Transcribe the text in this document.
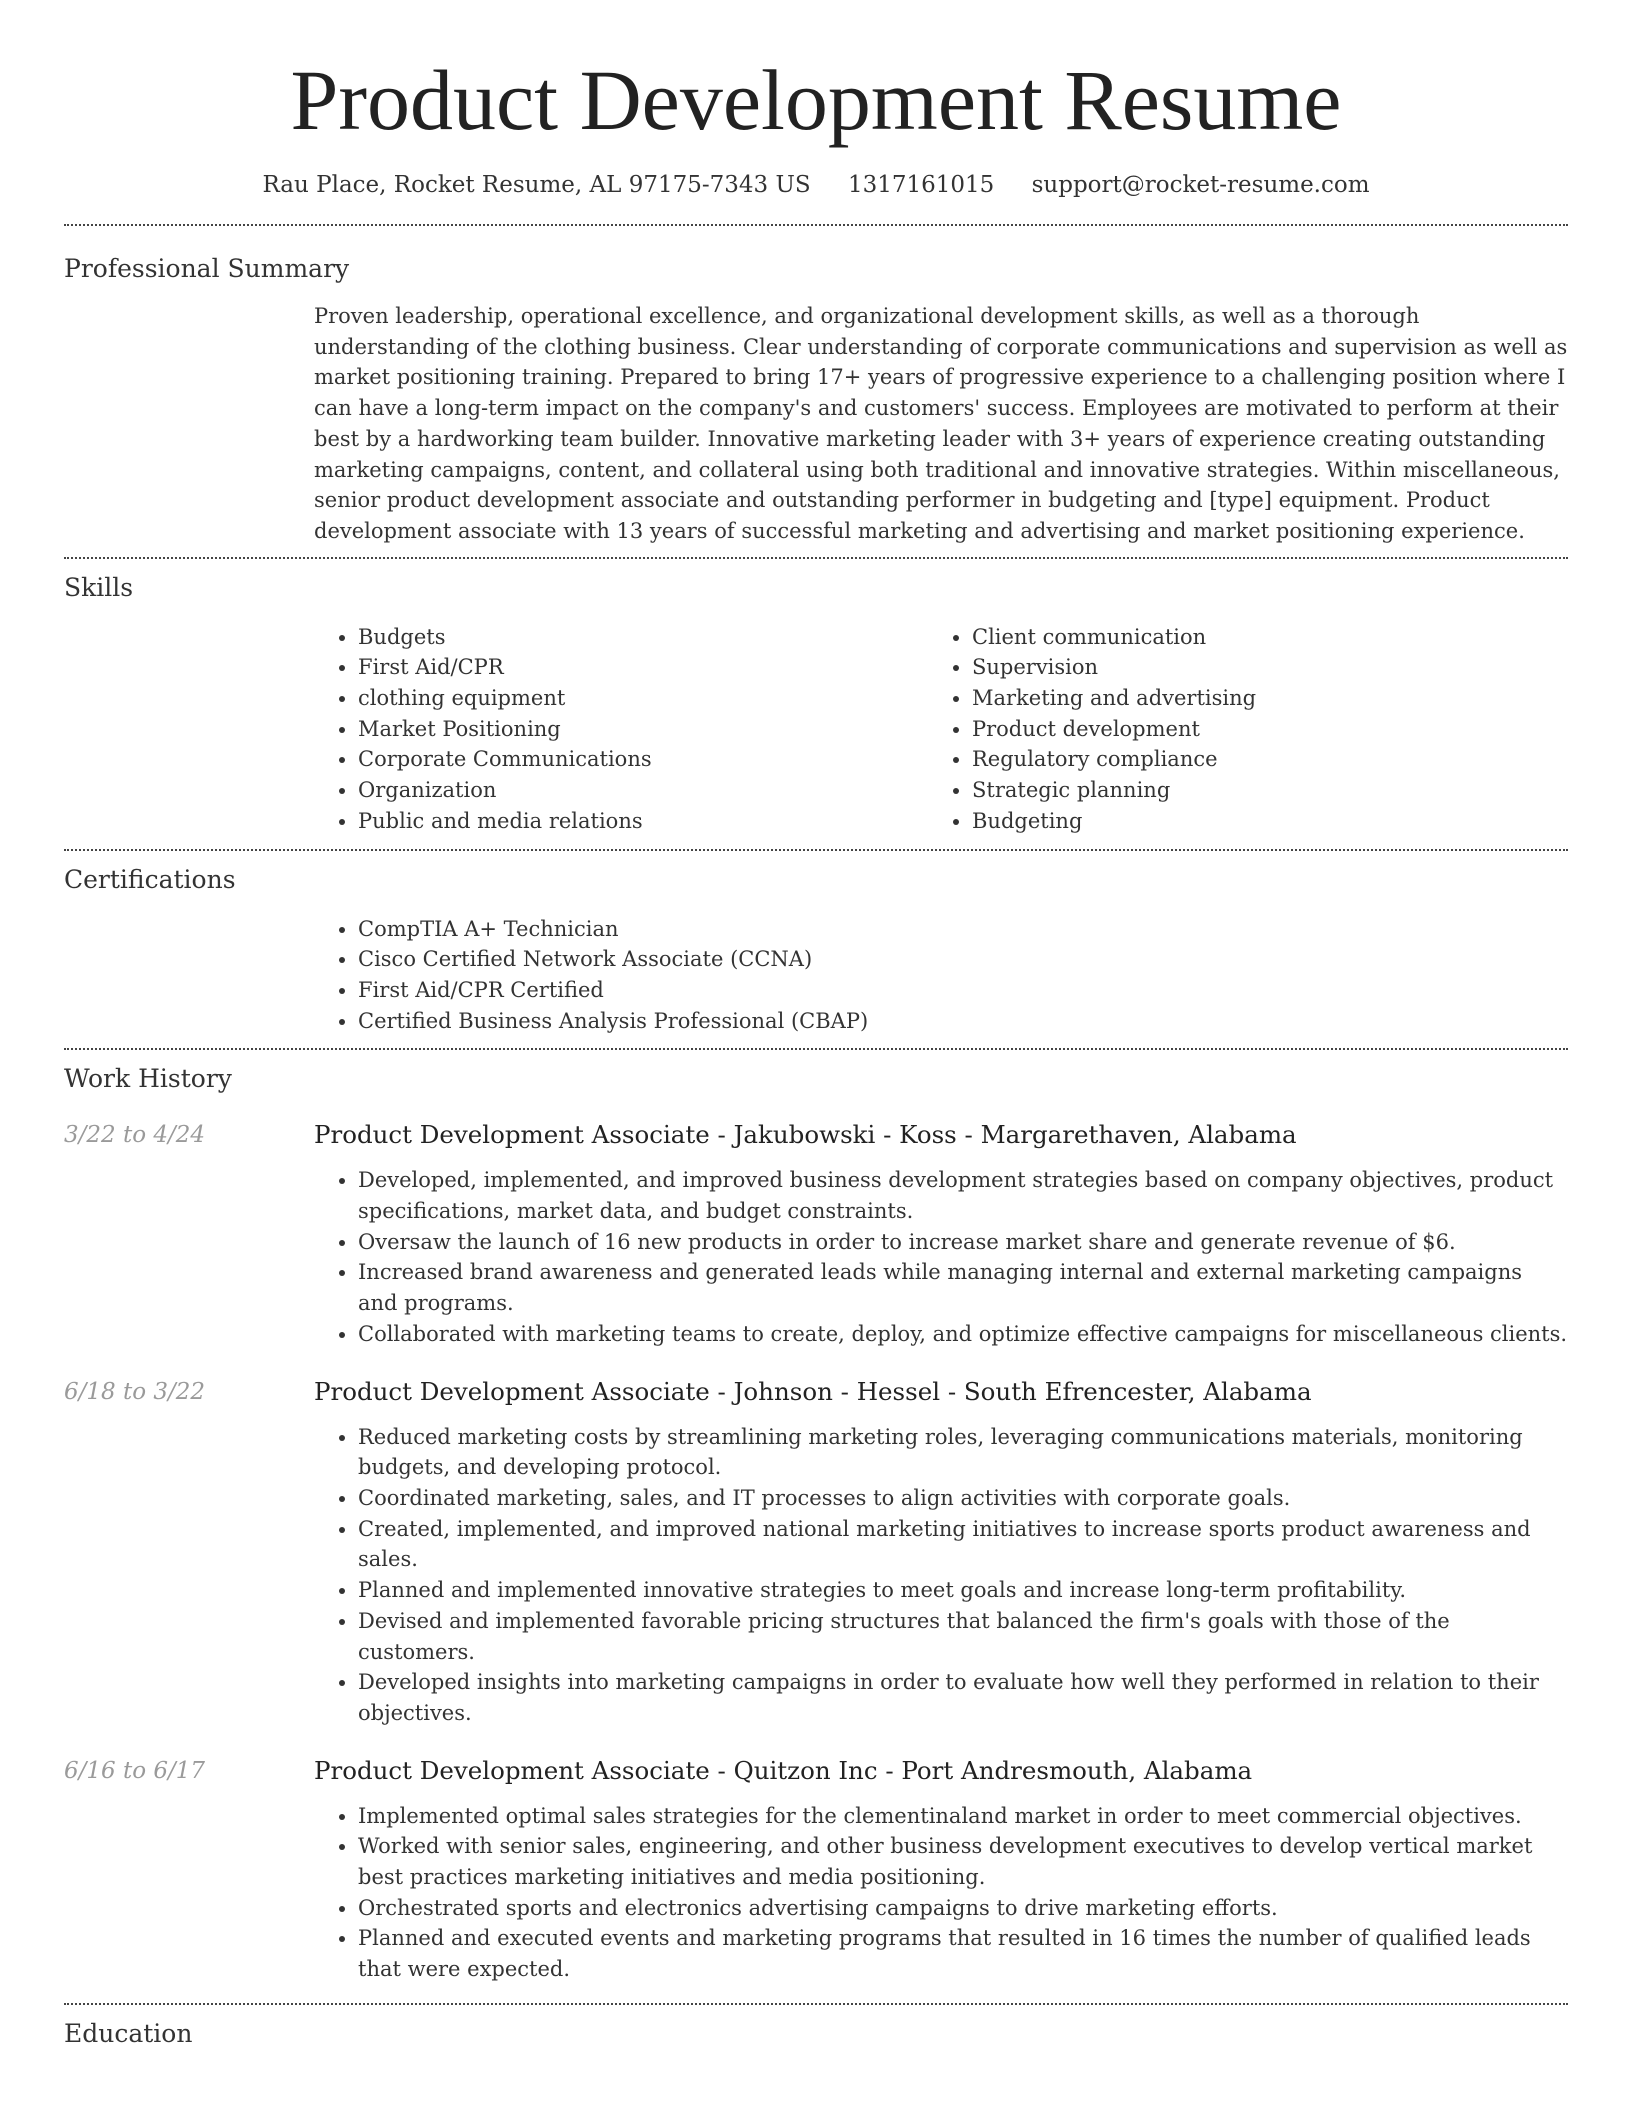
Product Development Resume
Rau Place, Rocket Resume, AL 97175-7343 US 1317161015 support@rocket-resume.com
Professional Summary

Proven leadership, operational excellence, and organizational development skills, as well as a thorough understanding of the clothing business. Clear understanding of corporate communications and supervision as well as market positioning training. Prepared to bring 17+ years of progressive experience to a challenging position where I can have a long-term impact on the company's and customers' success. Employees are motivated to perform at their best by a hardworking team builder. Innovative marketing leader with 3+ years of experience creating outstanding marketing campaigns, content, and collateral using both traditional and innovative strategies. Within miscellaneous, senior product development associate and outstanding performer in budgeting and [type] equipment. Product development associate with 13 years of successful marketing and advertising and market positioning experience.

Skills
• Budgets
• First Aid/CPR
• clothing equipment
• Market Positioning
• Corporate Communications
• Organization
• Public and media relations
• Client communication
• Supervision
• Marketing and advertising
• Product development
• Regulatory compliance
• Strategic planning
• Budgeting
Certifications
• CompTIA A+ Technician
• Cisco Certified Network Associate (CCNA)
• First Aid/CPR Certified
• Certified Business Analysis Professional (CBAP)
Work History
3/22 to 4/24	Product Development Associate - Jakubowski - Koss - Margarethaven, Alabama
• Developed, implemented, and improved business development strategies based on company objectives, product specifications, market data, and budget constraints.
• Oversaw the launch of 16 new products in order to increase market share and generate revenue of $6.
• Increased brand awareness and generated leads while managing internal and external marketing campaigns and programs.
• Collaborated with marketing teams to create, deploy, and optimize effective campaigns for miscellaneous clients.
6/18 to 3/22	Product Development Associate - Johnson - Hessel - South Efrencester, Alabama
• Reduced marketing costs by streamlining marketing roles, leveraging communications materials, monitoring budgets, and developing protocol.
• Coordinated marketing, sales, and IT processes to align activities with corporate goals.
• Created, implemented, and improved national marketing initiatives to increase sports product awareness and sales.
• Planned and implemented innovative strategies to meet goals and increase long-term profitability.
• Devised and implemented favorable pricing structures that balanced the firm's goals with those of the customers.
• Developed insights into marketing campaigns in order to evaluate how well they performed in relation to their objectives.
6/16 to 6/17	Product Development Associate - Quitzon Inc - Port Andresmouth, Alabama
• Implemented optimal sales strategies for the clementinaland market in order to meet commercial objectives.
• Worked with senior sales, engineering, and other business development executives to develop vertical market best practices marketing initiatives and media positioning.
• Orchestrated sports and electronics advertising campaigns to drive marketing efforts.
• Planned and executed events and marketing programs that resulted in 16 times the number of qualified leads that were expected.
Education
